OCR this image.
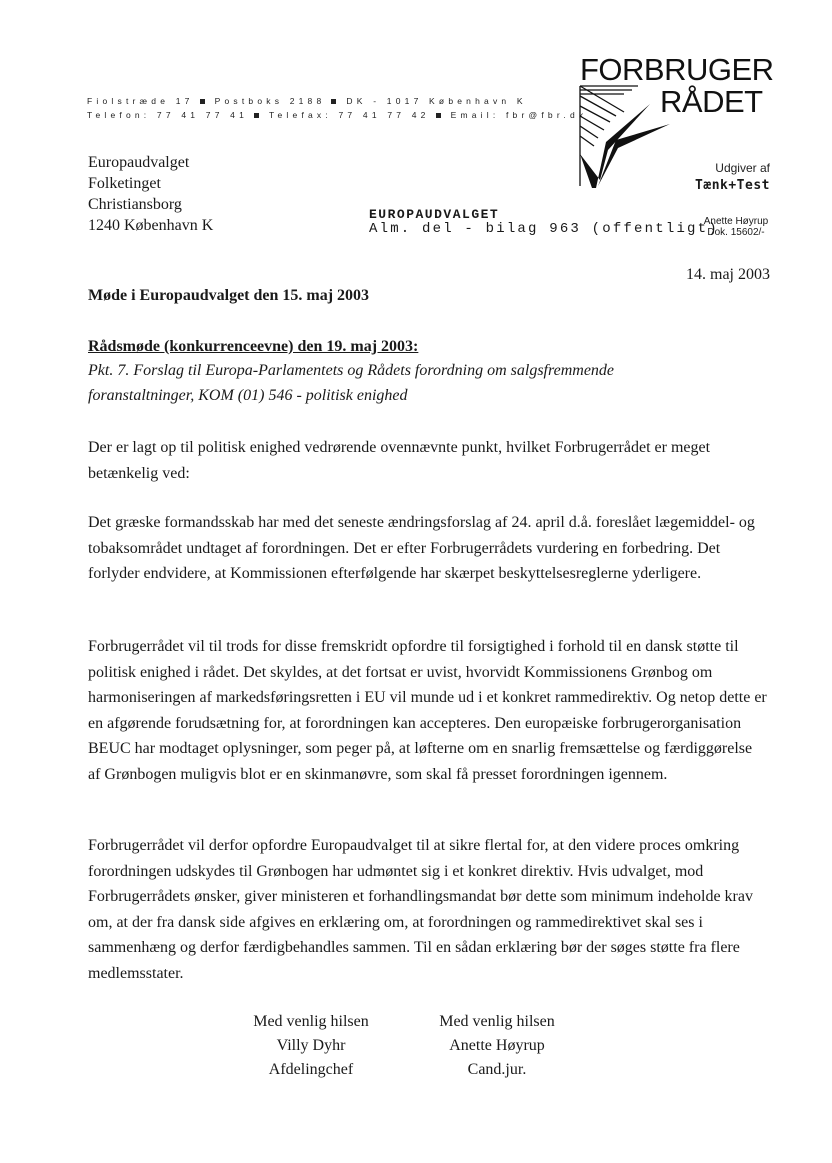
Fiolstræde 17 Postboks 2188 DK - 1017 København K
Telefon: 77 41 77 41 Telefax: 77 41 77 42 Email: fbr@fbr.dk
FORBRUGER
RÅDET
Udgiver af
Tænk+Test
Europaudvalget
Folketinget
Christiansborg
1240 København K
EUROPAUDVALGET
Alm. del - bilag 963 (offentligt)
Anette Høyrup
Dok. 15602/-
14. maj 2003
Møde i Europaudvalget den 15. maj 2003
Rådsmøde (konkurrenceevne) den 19. maj 2003:
Pkt. 7. Forslag til Europa-Parlamentets og Rådets forordning om salgsfremmende
foranstaltninger, KOM (01) 546 - politisk enighed
Der er lagt op til politisk enighed vedrørende ovennævnte punkt, hvilket Forbrugerrådet er meget betænkelig ved:
Det græske formandsskab har med det seneste ændringsforslag af 24. april d.å. foreslået lægemiddel- og tobaksområdet undtaget af forordningen. Det er efter Forbrugerrådets vurdering en forbedring. Det forlyder endvidere, at Kommissionen efterfølgende har skærpet beskyttelsesreglerne yderligere.
Forbrugerrådet vil til trods for disse fremskridt opfordre til forsigtighed i forhold til en dansk støtte til politisk enighed i rådet. Det skyldes, at det fortsat er uvist, hvorvidt Kommissionens Grønbog om harmoniseringen af markedsføringsretten i EU vil munde ud i et konkret rammedirektiv. Og netop dette er en afgørende forudsætning for, at forordningen kan accepteres. Den europæiske forbrugerorganisation BEUC har modtaget oplysninger, som peger på, at løfterne om en snarlig fremsættelse og færdiggørelse af Grønbogen muligvis blot er en skinmanøvre, som skal få presset forordningen igennem.
Forbrugerrådet vil derfor opfordre Europaudvalget til at sikre flertal for, at den videre proces omkring forordningen udskydes til Grønbogen har udmøntet sig i et konkret direktiv. Hvis udvalget, mod Forbrugerrådets ønsker, giver ministeren et forhandlingsmandat bør dette som minimum indeholde krav om, at der fra dansk side afgives en erklæring om, at forordningen og rammedirektivet skal ses i sammenhæng og derfor færdigbehandles sammen. Til en sådan erklæring bør der søges støtte fra flere medlemsstater.
Med venlig hilsen
Villy Dyhr
Afdelingchef
Med venlig hilsen
Anette Høyrup
Cand.jur.
